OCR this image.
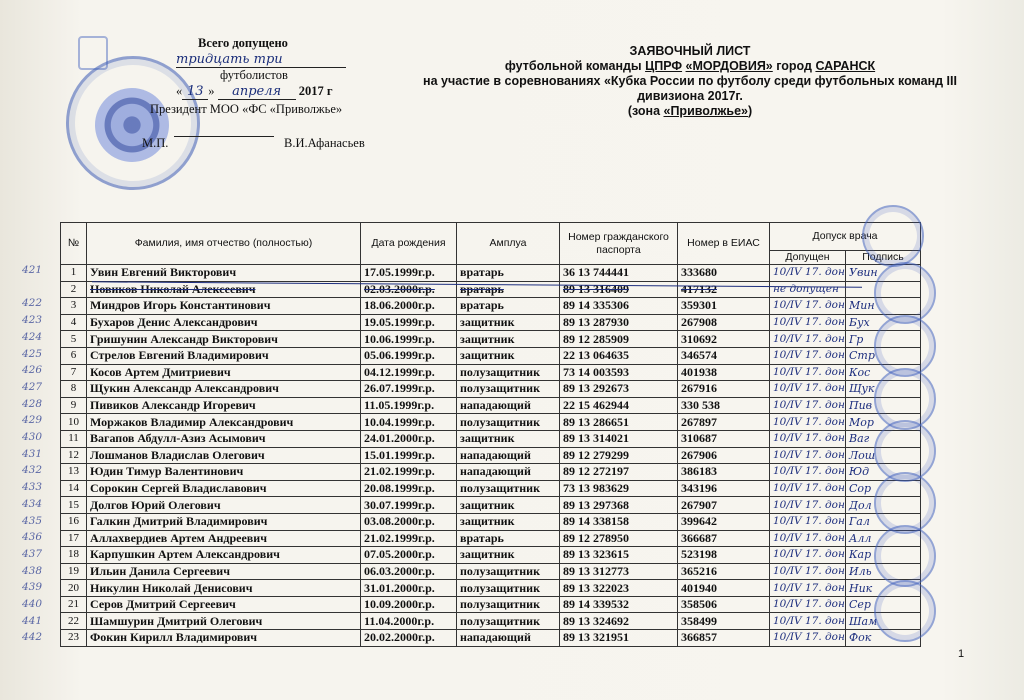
Всего допущено
тридцать три
футболистов
« 13 » апреля 2017 г
Президент МОО «ФС «Приволжье»
М.П.	В.И.Афанасьев
ЗАЯВОЧНЫЙ ЛИСТ
футбольной команды ЦПРФ «МОРДОВИЯ» город САРАНСК
на участие в соревнованиях «Кубка России по футболу среди футбольных команд III
дивизиона 2017г.
(зона «Приволжье»)
№	Фамилия, имя отчество (полностью)	Дата рождения	Амплуа	Номер гражданского паспорта	Номер в ЕИАС	Допуск врача	
						Допущен	Подпись
1	Увин Евгений Викторович	17.05.1999г.р.	вратарь	36 13 744441	333680	10/IV 17. дон	Увин
2	Новиков Николай Алексеевич	02.03.2000г.р.	вратарь	89 13 316409	417132	не допущен	
3	Миндров Игорь Константинович	18.06.2000г.р.	вратарь	89 14 335306	359301	10/IV 17. дон	Мин
4	Бухаров Денис Александрович	19.05.1999г.р.	защитник	89 13 287930	267908	10/IV 17. дон	Бух
5	Гришунин Александр Викторович	10.06.1999г.р.	защитник	89 12 285909	310692	10/IV 17. дон	Гр
6	Стрелов Евгений Владимирович	05.06.1999г.р.	защитник	22 13 064635	346574	10/IV 17. дон	Стр
7	Косов Артем Дмитриевич	04.12.1999г.р.	полузащитник	73 14 003593	401938	10/IV 17. дон	Кос
8	Щукин Александр Александрович	26.07.1999г.р.	полузащитник	89 13 292673	267916	10/IV 17. дон	Щук
9	Пивиков Александр Игоревич	11.05.1999г.р.	нападающий	22 15 462944	330 538	10/IV 17. дон	Пив
10	Моржаков Владимир Александрович	10.04.1999г.р.	полузащитник	89 13 286651	267897	10/IV 17. дон	Мор
11	Вагапов Абдулл-Азиз Асымович	24.01.2000г.р.	защитник	89 13 314021	310687	10/IV 17. дон	Ваг
12	Лошманов Владислав Олегович	15.01.1999г.р.	нападающий	89 12 279299	267906	10/IV 17. дон	Лош
13	Юдин Тимур Валентинович	21.02.1999г.р.	нападающий	89 12 272197	386183	10/IV 17. дон	Юд
14	Сорокин Сергей Владиславович	20.08.1999г.р.	полузащитник	73 13 983629	343196	10/IV 17. дон	Сор
15	Долгов Юрий Олегович	30.07.1999г.р.	защитник	89 13 297368	267907	10/IV 17. дон	Дол
16	Галкин Дмитрий Владимирович	03.08.2000г.р.	защитник	89 14 338158	399642	10/IV 17. дон	Гал
17	Аллахвердиев Артем Андреевич	21.02.1999г.р.	вратарь	89 12 278950	366687	10/IV 17. дон	Алл
18	Карпушкин Артем Александрович	07.05.2000г.р.	защитник	89 13 323615	523198	10/IV 17. дон	Кар
19	Ильин Данила Сергеевич	06.03.2000г.р.	полузащитник	89 13 312773	365216	10/IV 17. дон	Иль
20	Никулин Николай Денисович	31.01.2000г.р.	полузащитник	89 13 322023	401940	10/IV 17. дон	Ник
21	Серов Дмитрий Сергеевич	10.09.2000г.р.	полузащитник	89 14 339532	358506	10/IV 17. дон	Сер
22	Шамшурин Дмитрий Олегович	11.04.2000г.р.	полузащитник	89 13 324692	358499	10/IV 17. дон	Шам
23	Фокин Кирилл Владимирович	20.02.2000г.р.	нападающий	89 13 321951	366857	10/IV 17. дон	Фок
421
422
423
424
425
426
427
428
429
430
431
432
433
434
435
436
437
438
439
440
441
442
1
